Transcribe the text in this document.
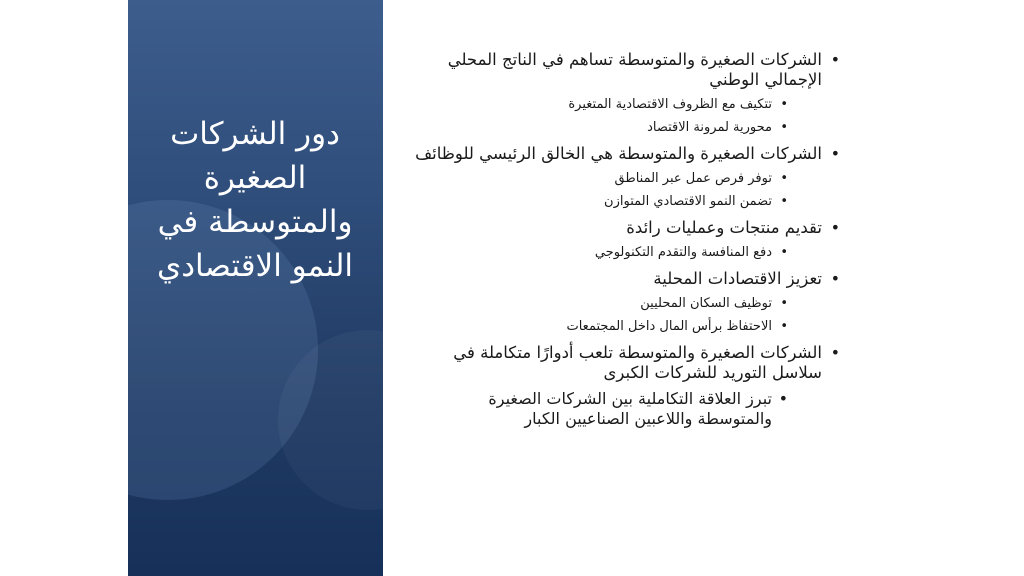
دور الشركات الصغيرة والمتوسطة في النمو الاقتصادي
• الشركات الصغيرة والمتوسطة تساهم في الناتج المحلي الإجمالي الوطني
• تتكيف مع الظروف الاقتصادية المتغيرة
• محورية لمرونة الاقتصاد
• الشركات الصغيرة والمتوسطة هي الخالق الرئيسي للوظائف
• توفر فرص عمل عبر المناطق
• تضمن النمو الاقتصادي المتوازن
• تقديم منتجات وعمليات رائدة
• دفع المنافسة والتقدم التكنولوجي
• تعزيز الاقتصادات المحلية
• توظيف السكان المحليين
• الاحتفاظ برأس المال داخل المجتمعات
• الشركات الصغيرة والمتوسطة تلعب أدوارًا متكاملة في سلاسل التوريد للشركات الكبرى
• تبرز العلاقة التكاملية بين الشركات الصغيرة والمتوسطة واللاعبين الصناعيين الكبار
